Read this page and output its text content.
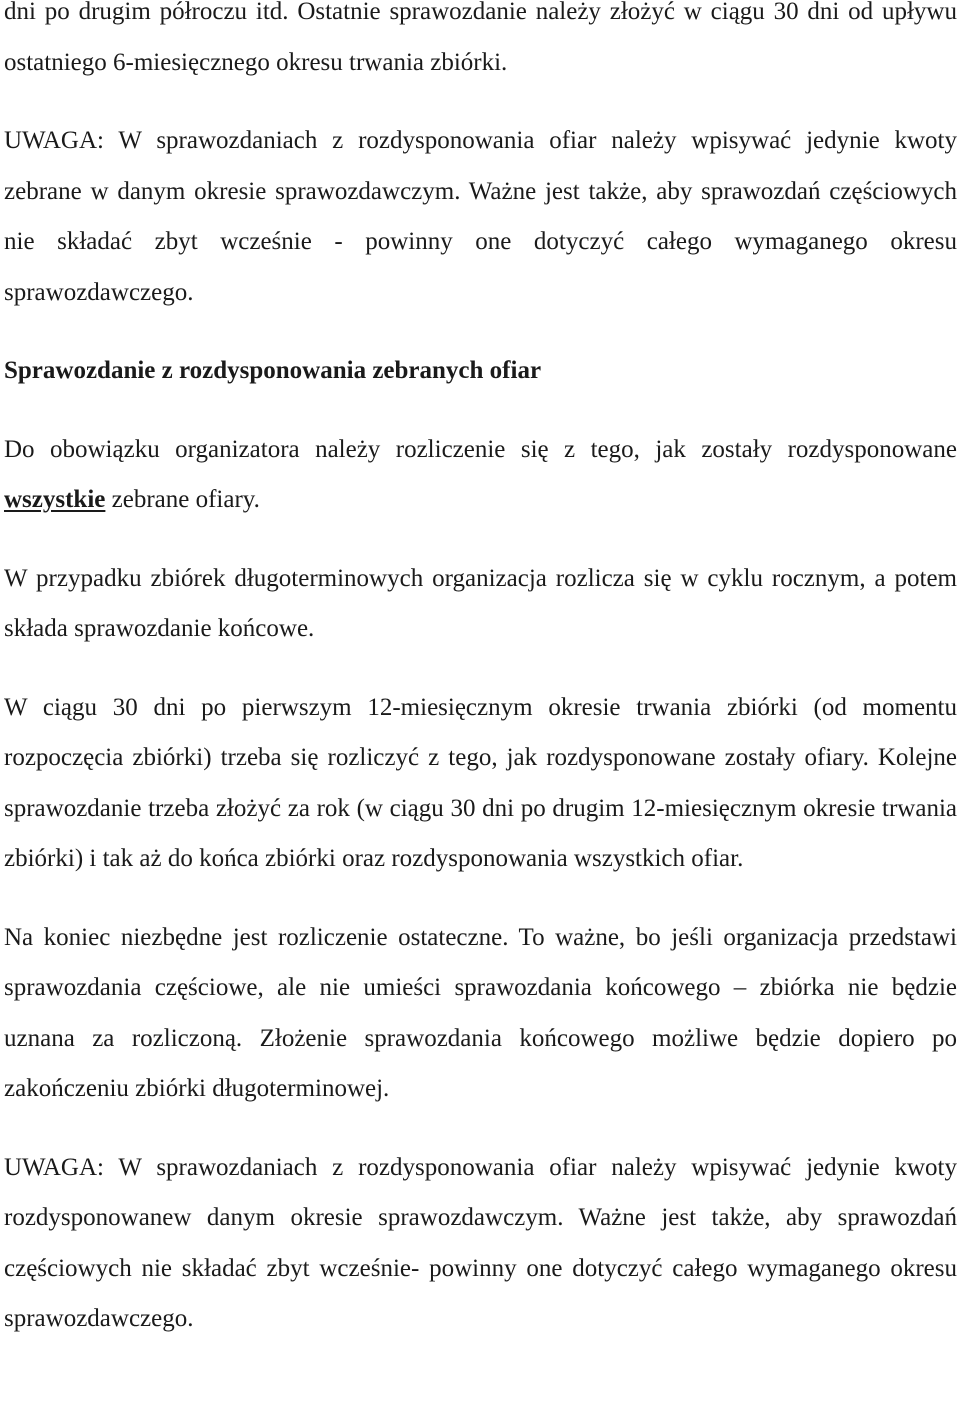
dni po drugim półroczu itd. Ostatnie sprawozdanie należy złożyć w ciągu 30 dni od upływu ostatniego 6-miesięcznego okresu trwania zbiórki.

UWAGA: W sprawozdaniach z rozdysponowania ofiar należy wpisywać jedynie kwoty zebrane w danym okresie sprawozdawczym. Ważne jest także, aby sprawozdań częściowych nie składać zbyt wcześnie - powinny one dotyczyć całego wymaganego okresu sprawozdawczego.

Sprawozdanie z rozdysponowania zebranych ofiar

Do obowiązku organizatora należy rozliczenie się z tego, jak zostały rozdysponowane wszystkie zebrane ofiary.

W przypadku zbiórek długoterminowych organizacja rozlicza się w cyklu rocznym, a potem składa sprawozdanie końcowe.

W ciągu 30 dni po pierwszym 12-miesięcznym okresie trwania zbiórki (od momentu rozpoczęcia zbiórki) trzeba się rozliczyć z tego, jak rozdysponowane zostały ofiary. Kolejne sprawozdanie trzeba złożyć za rok (w ciągu 30 dni po drugim 12-miesięcznym okresie trwania zbiórki) i tak aż do końca zbiórki oraz rozdysponowania wszystkich ofiar.

Na koniec niezbędne jest rozliczenie ostateczne. To ważne, bo jeśli organizacja przedstawi sprawozdania częściowe, ale nie umieści sprawozdania końcowego – zbiórka nie będzie uznana za rozliczoną. Złożenie sprawozdania końcowego możliwe będzie dopiero po zakończeniu zbiórki długoterminowej.

UWAGA: W sprawozdaniach z rozdysponowania ofiar należy wpisywać jedynie kwoty rozdysponowanew danym okresie sprawozdawczym. Ważne jest także, aby sprawozdań częściowych nie składać zbyt wcześnie- powinny one dotyczyć całego wymaganego okresu sprawozdawczego.
